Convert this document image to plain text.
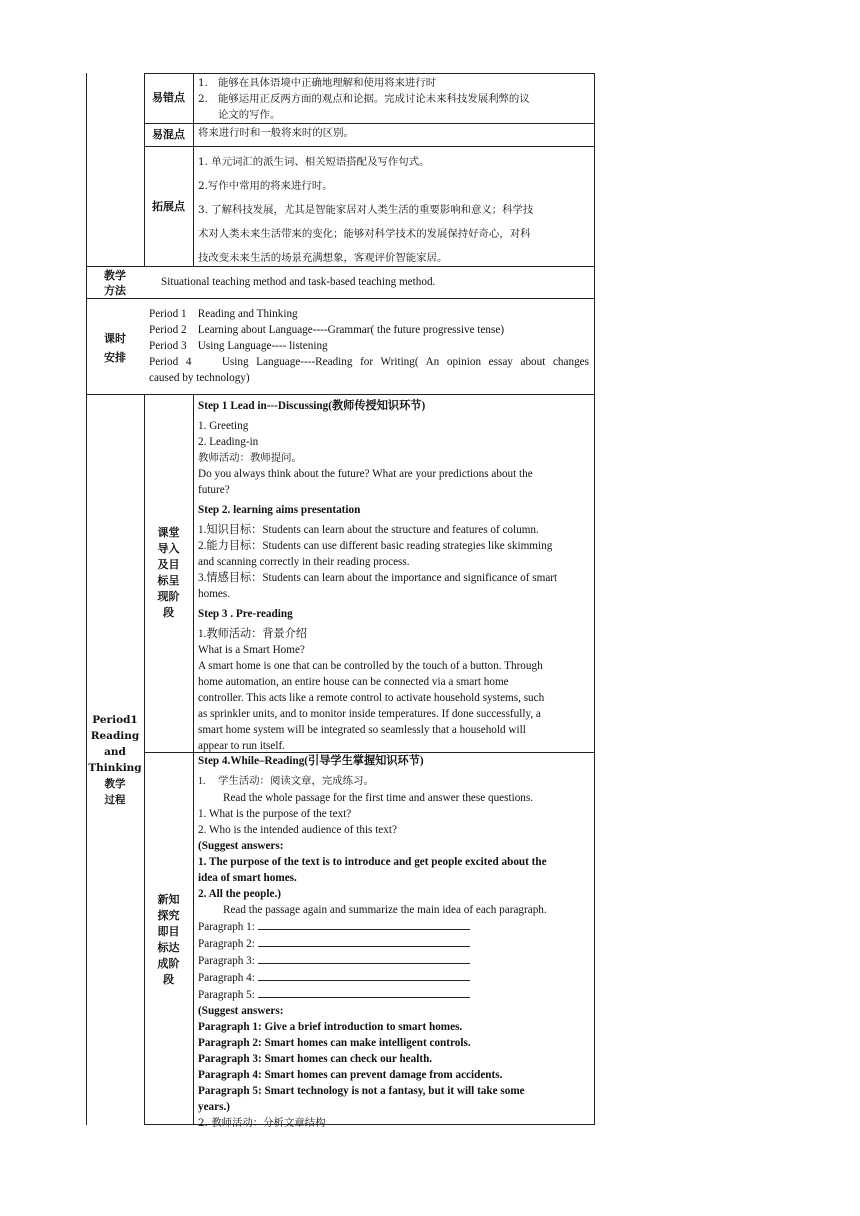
易错点
1. 能够在具体语境中正确地理解和使用将来进行时
2. 能够运用正反两方面的观点和论据。完成讨论未来科技发展利弊的议
论文的写作。
易混点	将来进行时和一般将来时的区别。
拓展点
1. 单元词汇的派生词、相关短语搭配及写作句式。
2.写作中常用的将来进行时。
3. 了解科技发展，尤其是智能家居对人类生活的重要影响和意义；科学技
术对人类未来生活带来的变化；能够对科学技术的发展保持好奇心，对科
技改变未来生活的场景充满想象，客观评价智能家居。
教学
方法
Situational teaching method and task-based teaching method.
课时
安排
Period 1    Reading and Thinking
Period 2    Learning about Language----Grammar( the future progressive tense)
Period 3    Using Language---- listening
Period 4    Using Language----Reading for Writing( An opinion essay about changes
caused by technology)
Period1
Reading
and
Thinking
教学
过程
课堂
导入
及目
标呈
现阶
段
Step 1 Lead in---Discussing(教师传授知识环节)
1. Greeting
2. Leading-in
教师活动：教师提问。
Do you always think about the future? What are your predictions about the
future?
Step 2. learning aims presentation
1.知识目标：Students can learn about the structure and features of column.
2.能力目标：Students can use different basic reading strategies like skimming
and scanning correctly in their reading process.
3.情感目标：Students can learn about the importance and significance of smart
homes.
Step 3 . Pre-reading
1.教师活动：背景介绍
What is a Smart Home?
A smart home is one that can be controlled by the touch of a button. Through
home automation, an entire house can be connected via a smart home
controller. This acts like a remote control to activate household systems, such
as sprinkler units, and to monitor inside temperatures. If done successfully, a
smart home system will be integrated so seamlessly that a household will
appear to run itself.
新知
探究
即目
标达
成阶
段
Step 4.While–Reading(引导学生掌握知识环节)
1. 学生活动：阅读文章，完成练习。
Read the whole passage for the first time and answer these questions.
1. What is the purpose of the text?
2. Who is the intended audience of this text?
(Suggest answers:
1. The purpose of the text is to introduce and get people excited about the
idea of smart homes.
2. All the people.)
Read the passage again and summarize the main idea of each paragraph.
Paragraph 1:
Paragraph 2:
Paragraph 3:
Paragraph 4:
Paragraph 5:
(Suggest answers:
Paragraph 1: Give a brief introduction to smart homes.
Paragraph 2: Smart homes can make intelligent controls.
Paragraph 3: Smart homes can check our health.
Paragraph 4: Smart homes can prevent damage from accidents.
Paragraph 5: Smart technology is not a fantasy, but it will take some
years.)
2. 教师活动：分析文章结构
